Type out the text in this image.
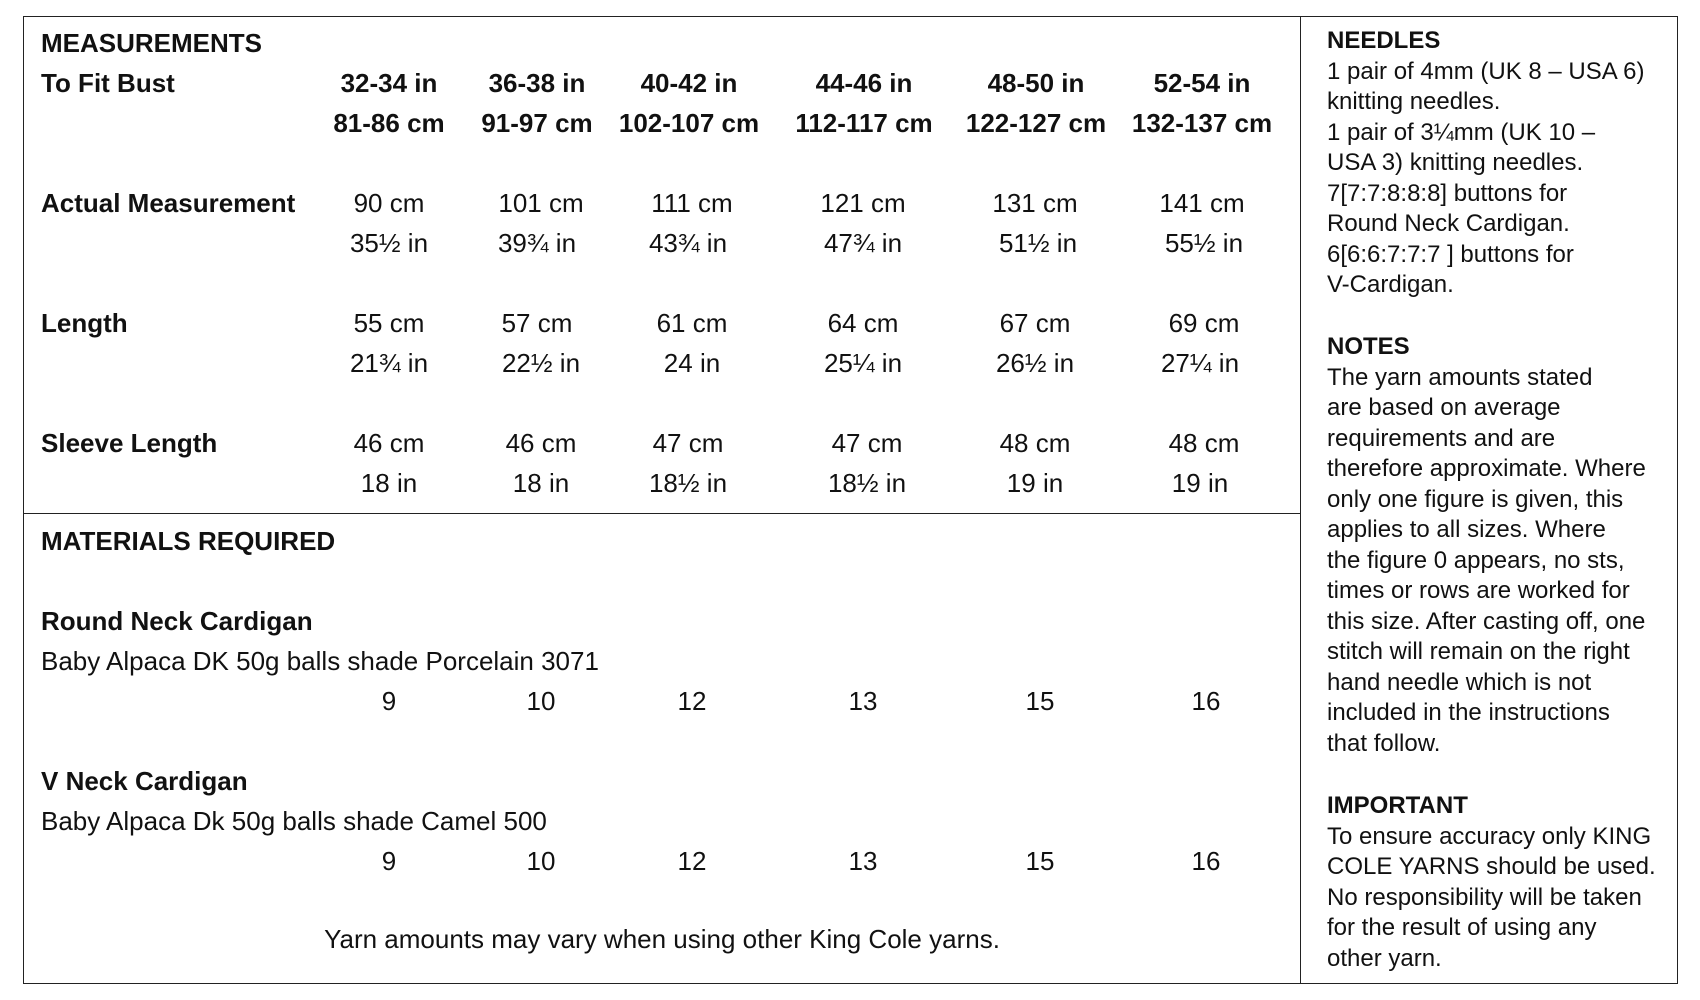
MEASUREMENTS
To Fit Bust	32-34 in 36-38 in 40-42 in	44-46 in	48-50 in	52-54 in
81-86 cm 91-97 cm 102-107 cm 112-117 cm 122-127 cm 132-137 cm
Actual Measurement 90 cm	101 cm	111 cm	121 cm	131 cm	141 cm
35½ in	39¾ in	43¾ in	47¾ in	51½ in	55½ in
Length	55 cm	57 cm	61 cm	64 cm	67 cm	69 cm
21¾ in	22½ in	24 in	25¼ in	26½ in	27¼ in
Sleeve Length	46 cm	46 cm	47 cm	47 cm	48 cm	48 cm
18 in	18 in	18½ in	18½ in	19 in	19 in
MATERIALS REQUIRED
Round Neck Cardigan
Baby Alpaca DK 50g balls shade Porcelain 3071
9	10	12	13	15	16
V Neck Cardigan
Baby Alpaca Dk 50g balls shade Camel 500
9	10	12	13	15	16
Yarn amounts may vary when using other King Cole yarns.

NEEDLES

1 pair of 4mm (UK 8 – USA 6)

knitting needles.

1 pair of 3¼mm (UK 10 –

USA 3) knitting needles.

7[7:7:8:8:8] buttons for

Round Neck Cardigan.

6[6:6:7:7:7 ] buttons for

V-Cardigan.

NOTES

The yarn amounts stated

are based on average

requirements and are

therefore approximate. Where

only one figure is given, this

applies to all sizes. Where

the figure 0 appears, no sts,

times or rows are worked for

this size. After casting off, one

stitch will remain on the right

hand needle which is not

included in the instructions

that follow.

IMPORTANT

To ensure accuracy only KING

COLE YARNS should be used.

No responsibility will be taken

for the result of using any

other yarn.
